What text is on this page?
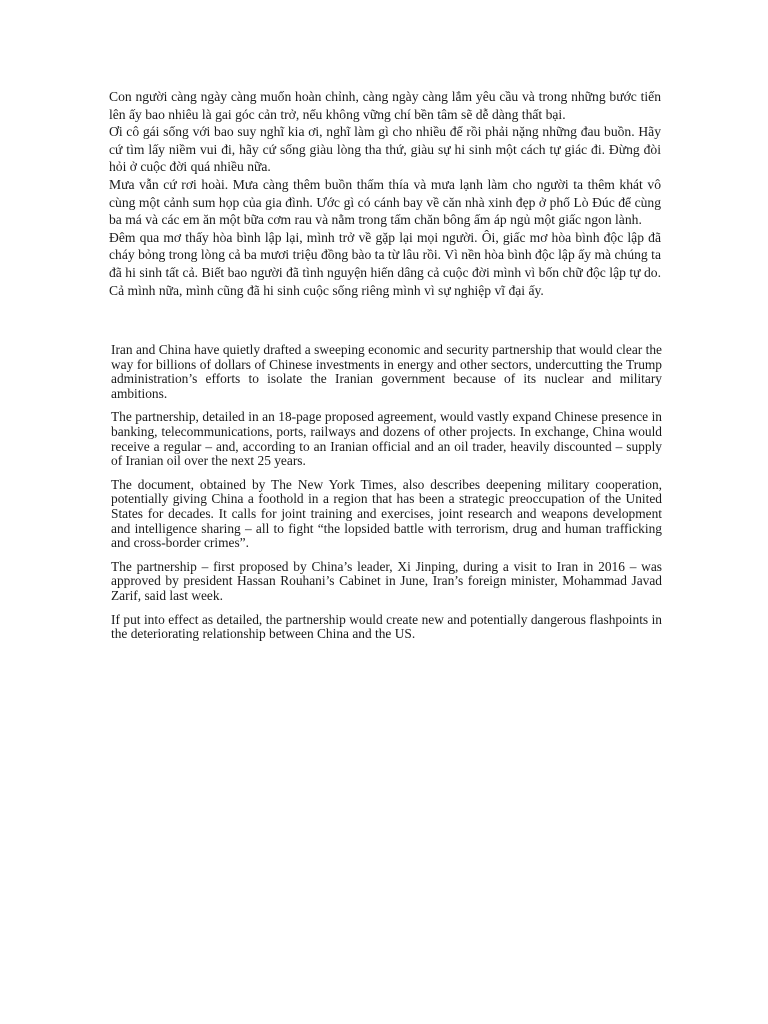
Con người càng ngày càng muốn hoàn chỉnh, càng ngày càng lắm yêu cầu và trong những bước tiến lên ấy bao nhiêu là gai góc cản trở, nếu không vững chí bền tâm sẽ dễ dàng thất bại.

Ơi cô gái sống với bao suy nghĩ kia ơi, nghĩ làm gì cho nhiều để rồi phải nặng những đau buồn. Hãy cứ tìm lấy niềm vui đi, hãy cứ sống giàu lòng tha thứ, giàu sự hi sinh một cách tự giác đi. Đừng đòi hỏi ở cuộc đời quá nhiều nữa.

Mưa vẫn cứ rơi hoài. Mưa càng thêm buồn thấm thía và mưa lạnh làm cho người ta thêm khát vô cùng một cảnh sum họp của gia đình. Ước gì có cánh bay về căn nhà xinh đẹp ở phố Lò Đúc để cùng ba má và các em ăn một bữa cơm rau và nằm trong tấm chăn bông ấm áp ngủ một giấc ngon lành.

Đêm qua mơ thấy hòa bình lập lại, mình trở về gặp lại mọi người. Ôi, giấc mơ hòa bình độc lập đã cháy bỏng trong lòng cả ba mươi triệu đồng bào ta từ lâu rồi. Vì nền hòa bình độc lập ấy mà chúng ta đã hi sinh tất cả. Biết bao người đã tình nguyện hiến dâng cả cuộc đời mình vì bốn chữ độc lập tự do. Cả mình nữa, mình cũng đã hi sinh cuộc sống riêng mình vì sự nghiệp vĩ đại ấy.

Iran and China have quietly drafted a sweeping economic and security partnership that would clear the way for billions of dollars of Chinese investments in energy and other sectors, undercutting the Trump administration’s efforts to isolate the Iranian government because of its nuclear and military ambitions.

The partnership, detailed in an 18-page proposed agreement, would vastly expand Chinese presence in banking, telecommunications, ports, railways and dozens of other projects. In exchange, China would receive a regular – and, according to an Iranian official and an oil trader, heavily discounted – supply of Iranian oil over the next 25 years.

The document, obtained by The New York Times, also describes deepening military cooperation, potentially giving China a foothold in a region that has been a strategic preoccupation of the United States for decades. It calls for joint training and exercises, joint research and weapons development and intelligence sharing – all to fight “the lopsided battle with terrorism, drug and human trafficking and cross-border crimes”.

The partnership – first proposed by China’s leader, Xi Jinping, during a visit to Iran in 2016 – was approved by president Hassan Rouhani’s Cabinet in June, Iran’s foreign minister, Mohammad Javad Zarif, said last week.

If put into effect as detailed, the partnership would create new and potentially dangerous flashpoints in the deteriorating relationship between China and the US.
